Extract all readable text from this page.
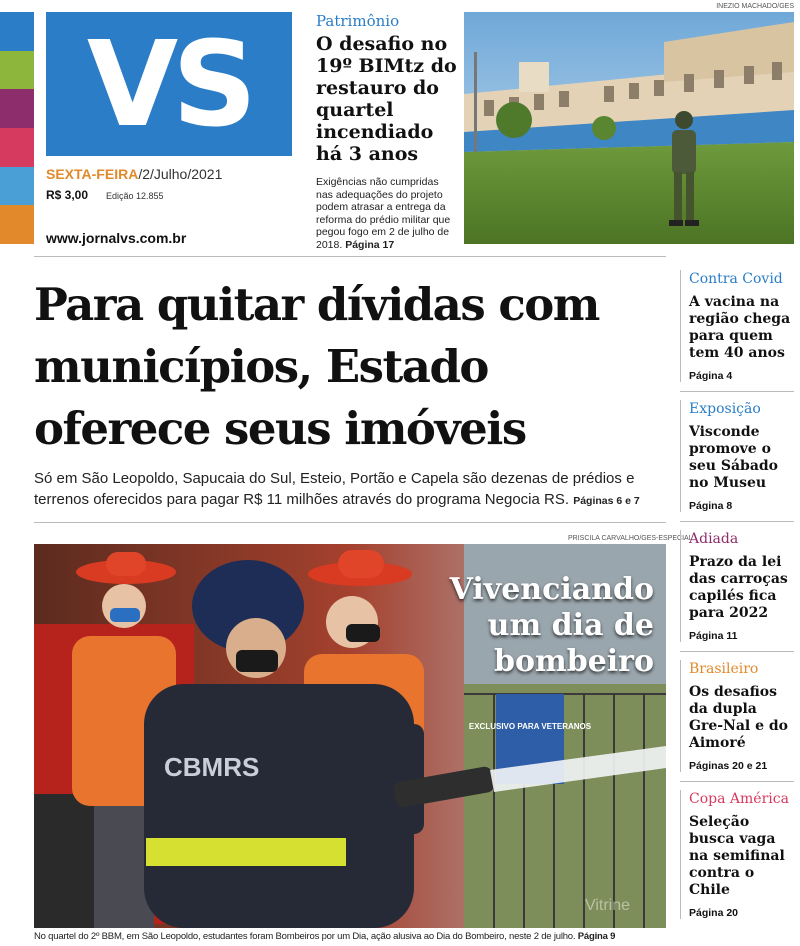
VS
SEXTA-FEIRA/2/Julho/2021
R$ 3,00 Edição 12.855
www.jornalvs.com.br
Patrimônio
O desafio no 19º BIMtz do restauro do quartel incendiado há 3 anos
Exigências não cumpridas nas adequações do projeto podem atrasar a entrega da reforma do prédio militar que pegou fogo em 2 de julho de 2018. Página 17
INEZIO MACHADO/GES
Para quitar dívidas com municípios, Estado oferece seus imóveis
Só em São Leopoldo, Sapucaia do Sul, Esteio, Portão e Capela são dezenas de prédios e terrenos oferecidos para pagar R$ 11 milhões através do programa Negocia RS. Páginas 6 e 7
PRISCILA CARVALHO/GES-ESPECIAL
EXCLUSIVO PARA VETERANOS
CBMRS
Vitrine
Vivenciando um dia de bombeiro
No quartel do 2º BBM, em São Leopoldo, estudantes foram Bombeiros por um Dia, ação alusiva ao Dia do Bombeiro, neste 2 de julho. Página 9
Contra Covid
A vacina na região chega para quem tem 40 anos
Página 4
Exposição
Visconde promove o seu Sábado no Museu
Página 8
Adiada
Prazo da lei das carroças capilés fica para 2022
Página 11
Brasileiro
Os desafios da dupla Gre-Nal e do Aimoré
Páginas 20 e 21
Copa América
Seleção busca vaga na semifinal contra o Chile
Página 20
